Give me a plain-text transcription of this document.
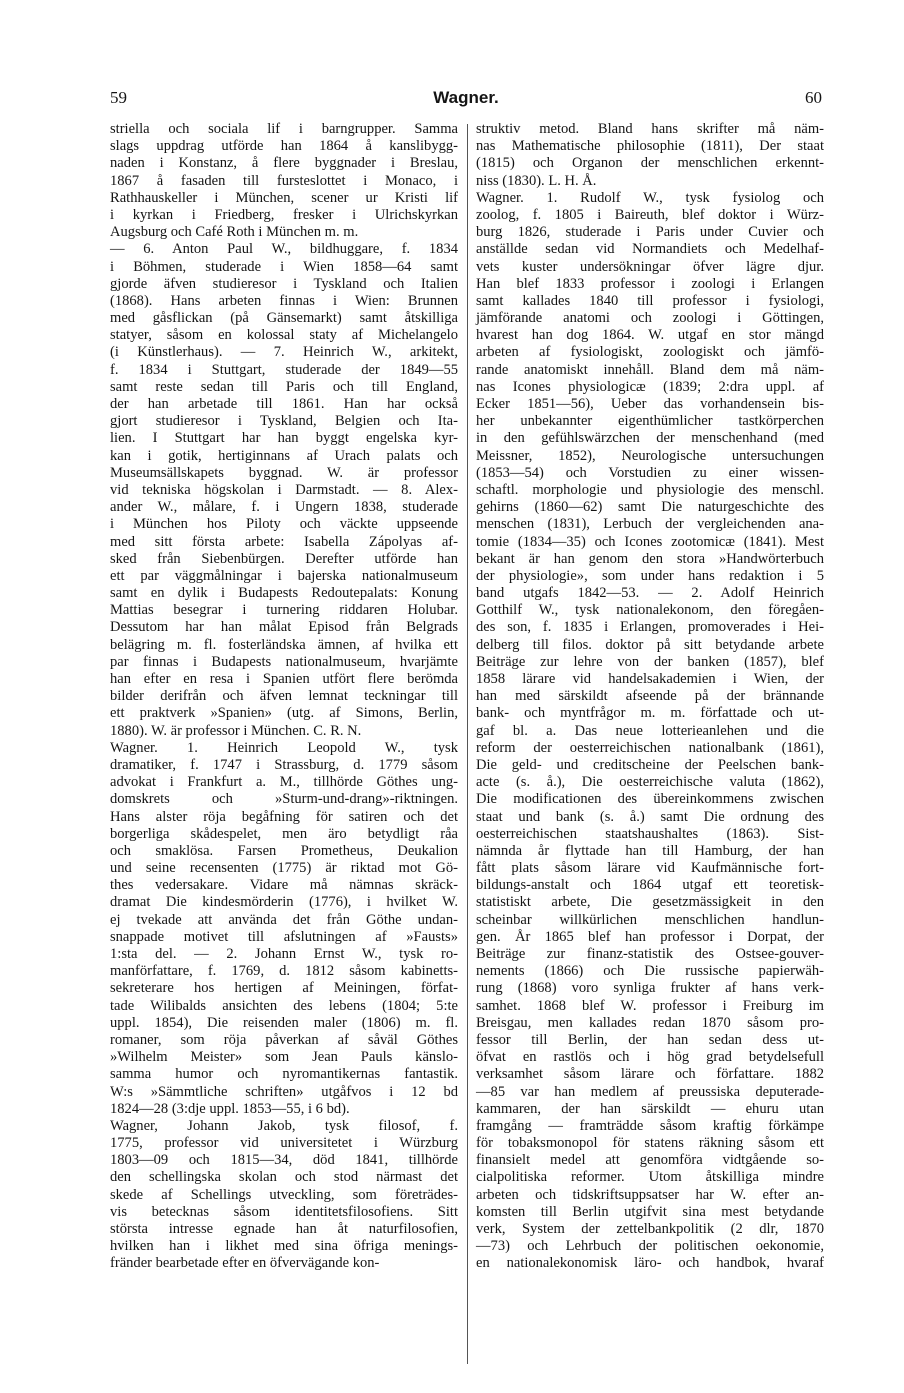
59	Wagner.	60
striella och sociala lif i barngrupper. Samma
slags uppdrag utförde han 1864 å kanslibygg-
naden i Konstanz, å flere byggnader i Breslau,
1867 å fasaden till fursteslottet i Monaco, i
Rathhauskeller i München, scener ur Kristi lif
i kyrkan i Friedberg, fresker i Ulrichskyrkan
Augsburg och Café Roth i München m. m.
— 6. Anton Paul W., bildhuggare, f. 1834
i Böhmen, studerade i Wien 1858—64 samt
gjorde äfven studieresor i Tyskland och Italien
(1868). Hans arbeten finnas i Wien: Brunnen
med gåsflickan (på Gänsemarkt) samt åtskilliga
statyer, såsom en kolossal staty af Michelangelo
(i Künstlerhaus). — 7. Heinrich W., arkitekt,
f. 1834 i Stuttgart, studerade der 1849—55
samt reste sedan till Paris och till England,
der han arbetade till 1861. Han har också
gjort studieresor i Tyskland, Belgien och Ita-
lien. I Stuttgart har han byggt engelska kyr-
kan i gotik, hertiginnans af Urach palats och
Museumsällskapets byggnad. W. är professor
vid tekniska högskolan i Darmstadt. — 8. Alex-
ander W., målare, f. i Ungern 1838, studerade
i München hos Piloty och väckte uppseende
med sitt första arbete: Isabella Zápolyas af-
sked från Siebenbürgen. Derefter utförde han
ett par väggmålningar i bajerska nationalmuseum
samt en dylik i Budapests Redoutepalats: Konung
Mattias besegrar i turnering riddaren Holubar.
Dessutom har han målat Episod från Belgrads
belägring m. fl. fosterländska ämnen, af hvilka ett
par finnas i Budapests nationalmuseum, hvarjämte
han efter en resa i Spanien utfört flere berömda
bilder derifrån och äfven lemnat teckningar till
ett praktverk »Spanien» (utg. af Simons, Berlin,
1880). W. är professor i München. C. R. N.
Wagner. 1. Heinrich Leopold W., tysk
dramatiker, f. 1747 i Strassburg, d. 1779 såsom
advokat i Frankfurt a. M., tillhörde Göthes ung-
domskrets och »Sturm-und-drang»-riktningen.
Hans alster röja begåfning för satiren och det
borgerliga skådespelet, men äro betydligt råa
och smaklösa. Farsen Prometheus, Deukalion
und seine recensenten (1775) är riktad mot Gö-
thes vedersakare. Vidare må nämnas skräck-
dramat Die kindesmörderin (1776), i hvilket W.
ej tvekade att använda det från Göthe undan-
snappade motivet till afslutningen af »Fausts»
1:sta del. — 2. Johann Ernst W., tysk ro-
manförfattare, f. 1769, d. 1812 såsom kabinetts-
sekreterare hos hertigen af Meiningen, förfat-
tade Wilibalds ansichten des lebens (1804; 5:te
uppl. 1854), Die reisenden maler (1806) m. fl.
romaner, som röja påverkan af såväl Göthes
»Wilhelm Meister» som Jean Pauls känslo-
samma humor och nyromantikernas fantastik.
W:s »Sämmtliche schriften» utgåfvos i 12 bd
1824—28 (3:dje uppl. 1853—55, i 6 bd).
Wagner, Johann Jakob, tysk filosof, f.
1775, professor vid universitetet i Würzburg
1803—09 och 1815—34, död 1841, tillhörde
den schellingska skolan och stod närmast det
skede af Schellings utveckling, som företrädes-
vis betecknas såsom identitetsfilosofiens. Sitt
största intresse egnade han åt naturfilosofien,
hvilken han i likhet med sina öfriga menings-
fränder bearbetade efter en öfvervägande kon-
struktiv metod. Bland hans skrifter må näm-
nas Mathematische philosophie (1811), Der staat
(1815) och Organon der menschlichen erkennt-
niss (1830). L. H. Å.
Wagner. 1. Rudolf W., tysk fysiolog och
zoolog, f. 1805 i Baireuth, blef doktor i Würz-
burg 1826, studerade i Paris under Cuvier och
anställde sedan vid Normandiets och Medelhaf-
vets kuster undersökningar öfver lägre djur.
Han blef 1833 professor i zoologi i Erlangen
samt kallades 1840 till professor i fysiologi,
jämförande anatomi och zoologi i Göttingen,
hvarest han dog 1864. W. utgaf en stor mängd
arbeten af fysiologiskt, zoologiskt och jämfö-
rande anatomiskt innehåll. Bland dem må näm-
nas Icones physiologicæ (1839; 2:dra uppl. af
Ecker 1851—56), Ueber das vorhandensein bis-
her unbekannter eigenthümlicher tastkörperchen
in den gefühlswärzchen der menschenhand (med
Meissner, 1852), Neurologische untersuchungen
(1853—54) och Vorstudien zu einer wissen-
schaftl. morphologie und physiologie des menschl.
gehirns (1860—62) samt Die naturgeschichte des
menschen (1831), Lerbuch der vergleichenden ana-
tomie (1834—35) och Icones zootomicæ (1841). Mest
bekant är han genom den stora »Handwörterbuch
der physiologie», som under hans redaktion i 5
band utgafs 1842—53. — 2. Adolf Heinrich
Gotthilf W., tysk nationalekonom, den föregåen-
des son, f. 1835 i Erlangen, promoverades i Hei-
delberg till filos. doktor på sitt betydande arbete
Beiträge zur lehre von der banken (1857), blef
1858 lärare vid handelsakademien i Wien, der
han med särskildt afseende på der brännande
bank- och myntfrågor m. m. författade och ut-
gaf bl. a. Das neue lotterieanlehen und die
reform der oesterreichischen nationalbank (1861),
Die geld- und creditscheine der Peelschen bank-
acte (s. å.), Die oesterreichische valuta (1862),
Die modificationen des übereinkommens zwischen
staat und bank (s. å.) samt Die ordnung des
oesterreichischen staatshaushaltes (1863). Sist-
nämnda år flyttade han till Hamburg, der han
fått plats såsom lärare vid Kaufmännische fort-
bildungs-anstalt och 1864 utgaf ett teoretisk-
statistiskt arbete, Die gesetzmässigkeit in den
scheinbar willkürlichen menschlichen handlun-
gen. År 1865 blef han professor i Dorpat, der
Beiträge zur finanz-statistik des Ostsee-gouver-
nements (1866) och Die russische papierwäh-
rung (1868) voro synliga frukter af hans verk-
samhet. 1868 blef W. professor i Freiburg im
Breisgau, men kallades redan 1870 såsom pro-
fessor till Berlin, der han sedan dess ut-
öfvat en rastlös och i hög grad betydelsefull
verksamhet såsom lärare och författare. 1882
—85 var han medlem af preussiska deputerade-
kammaren, der han särskildt — ehuru utan
framgång — framträdde såsom kraftig förkämpe
för tobaksmonopol för statens räkning såsom ett
finansielt medel att genomföra vidtgående so-
cialpolitiska reformer. Utom åtskilliga mindre
arbeten och tidskriftsuppsatser har W. efter an-
komsten till Berlin utgifvit sina mest betydande
verk, System der zettelbankpolitik (2 dlr, 1870
—73) och Lehrbuch der politischen oekonomie,
en nationalekonomisk läro- och handbok, hvaraf
